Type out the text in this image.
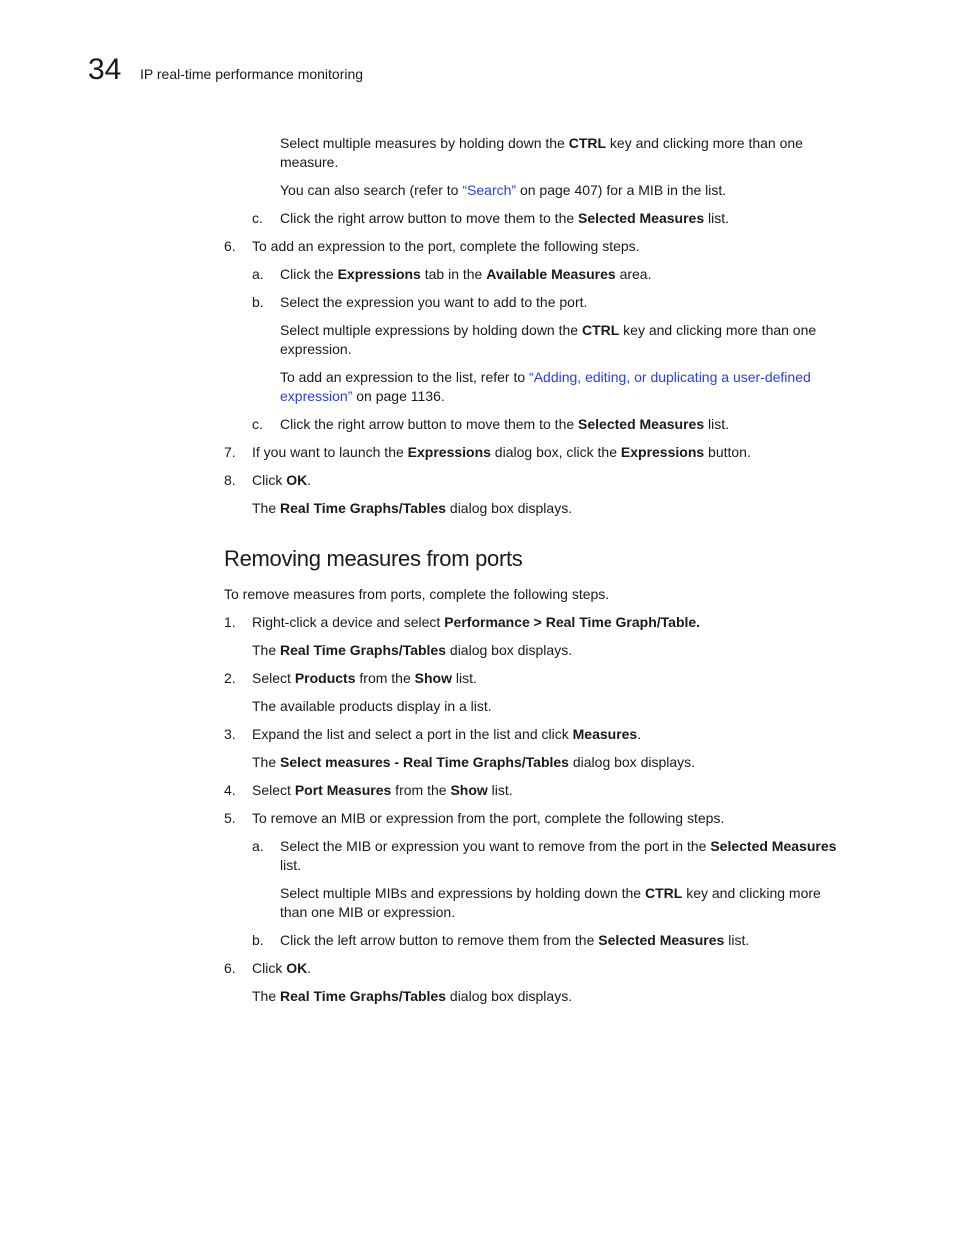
34 IP real-time performance monitoring
Select multiple measures by holding down the CTRL key and clicking more than one
measure.
You can also search (refer to “Search” on page 407) for a MIB in the list.
c. Click the right arrow button to move them to the Selected Measures list.
6. To add an expression to the port, complete the following steps.
a. Click the Expressions tab in the Available Measures area.
b. Select the expression you want to add to the port.
Select multiple expressions by holding down the CTRL key and clicking more than one
expression.
To add an expression to the list, refer to “Adding, editing, or duplicating a user-defined
expression” on page 1136.
c. Click the right arrow button to move them to the Selected Measures list.
7. If you want to launch the Expressions dialog box, click the Expressions button.
8. Click OK.
The Real Time Graphs/Tables dialog box displays.
Removing measures from ports
To remove measures from ports, complete the following steps.
1. Right-click a device and select Performance > Real Time Graph/Table.
The Real Time Graphs/Tables dialog box displays.
2. Select Products from the Show list.
The available products display in a list.
3. Expand the list and select a port in the list and click Measures.
The Select measures - Real Time Graphs/Tables dialog box displays.
4. Select Port Measures from the Show list.
5. To remove an MIB or expression from the port, complete the following steps.
a. Select the MIB or expression you want to remove from the port in the Selected Measures
list.
Select multiple MIBs and expressions by holding down the CTRL key and clicking more
than one MIB or expression.
b. Click the left arrow button to remove them from the Selected Measures list.
6. Click OK.
The Real Time Graphs/Tables dialog box displays.
